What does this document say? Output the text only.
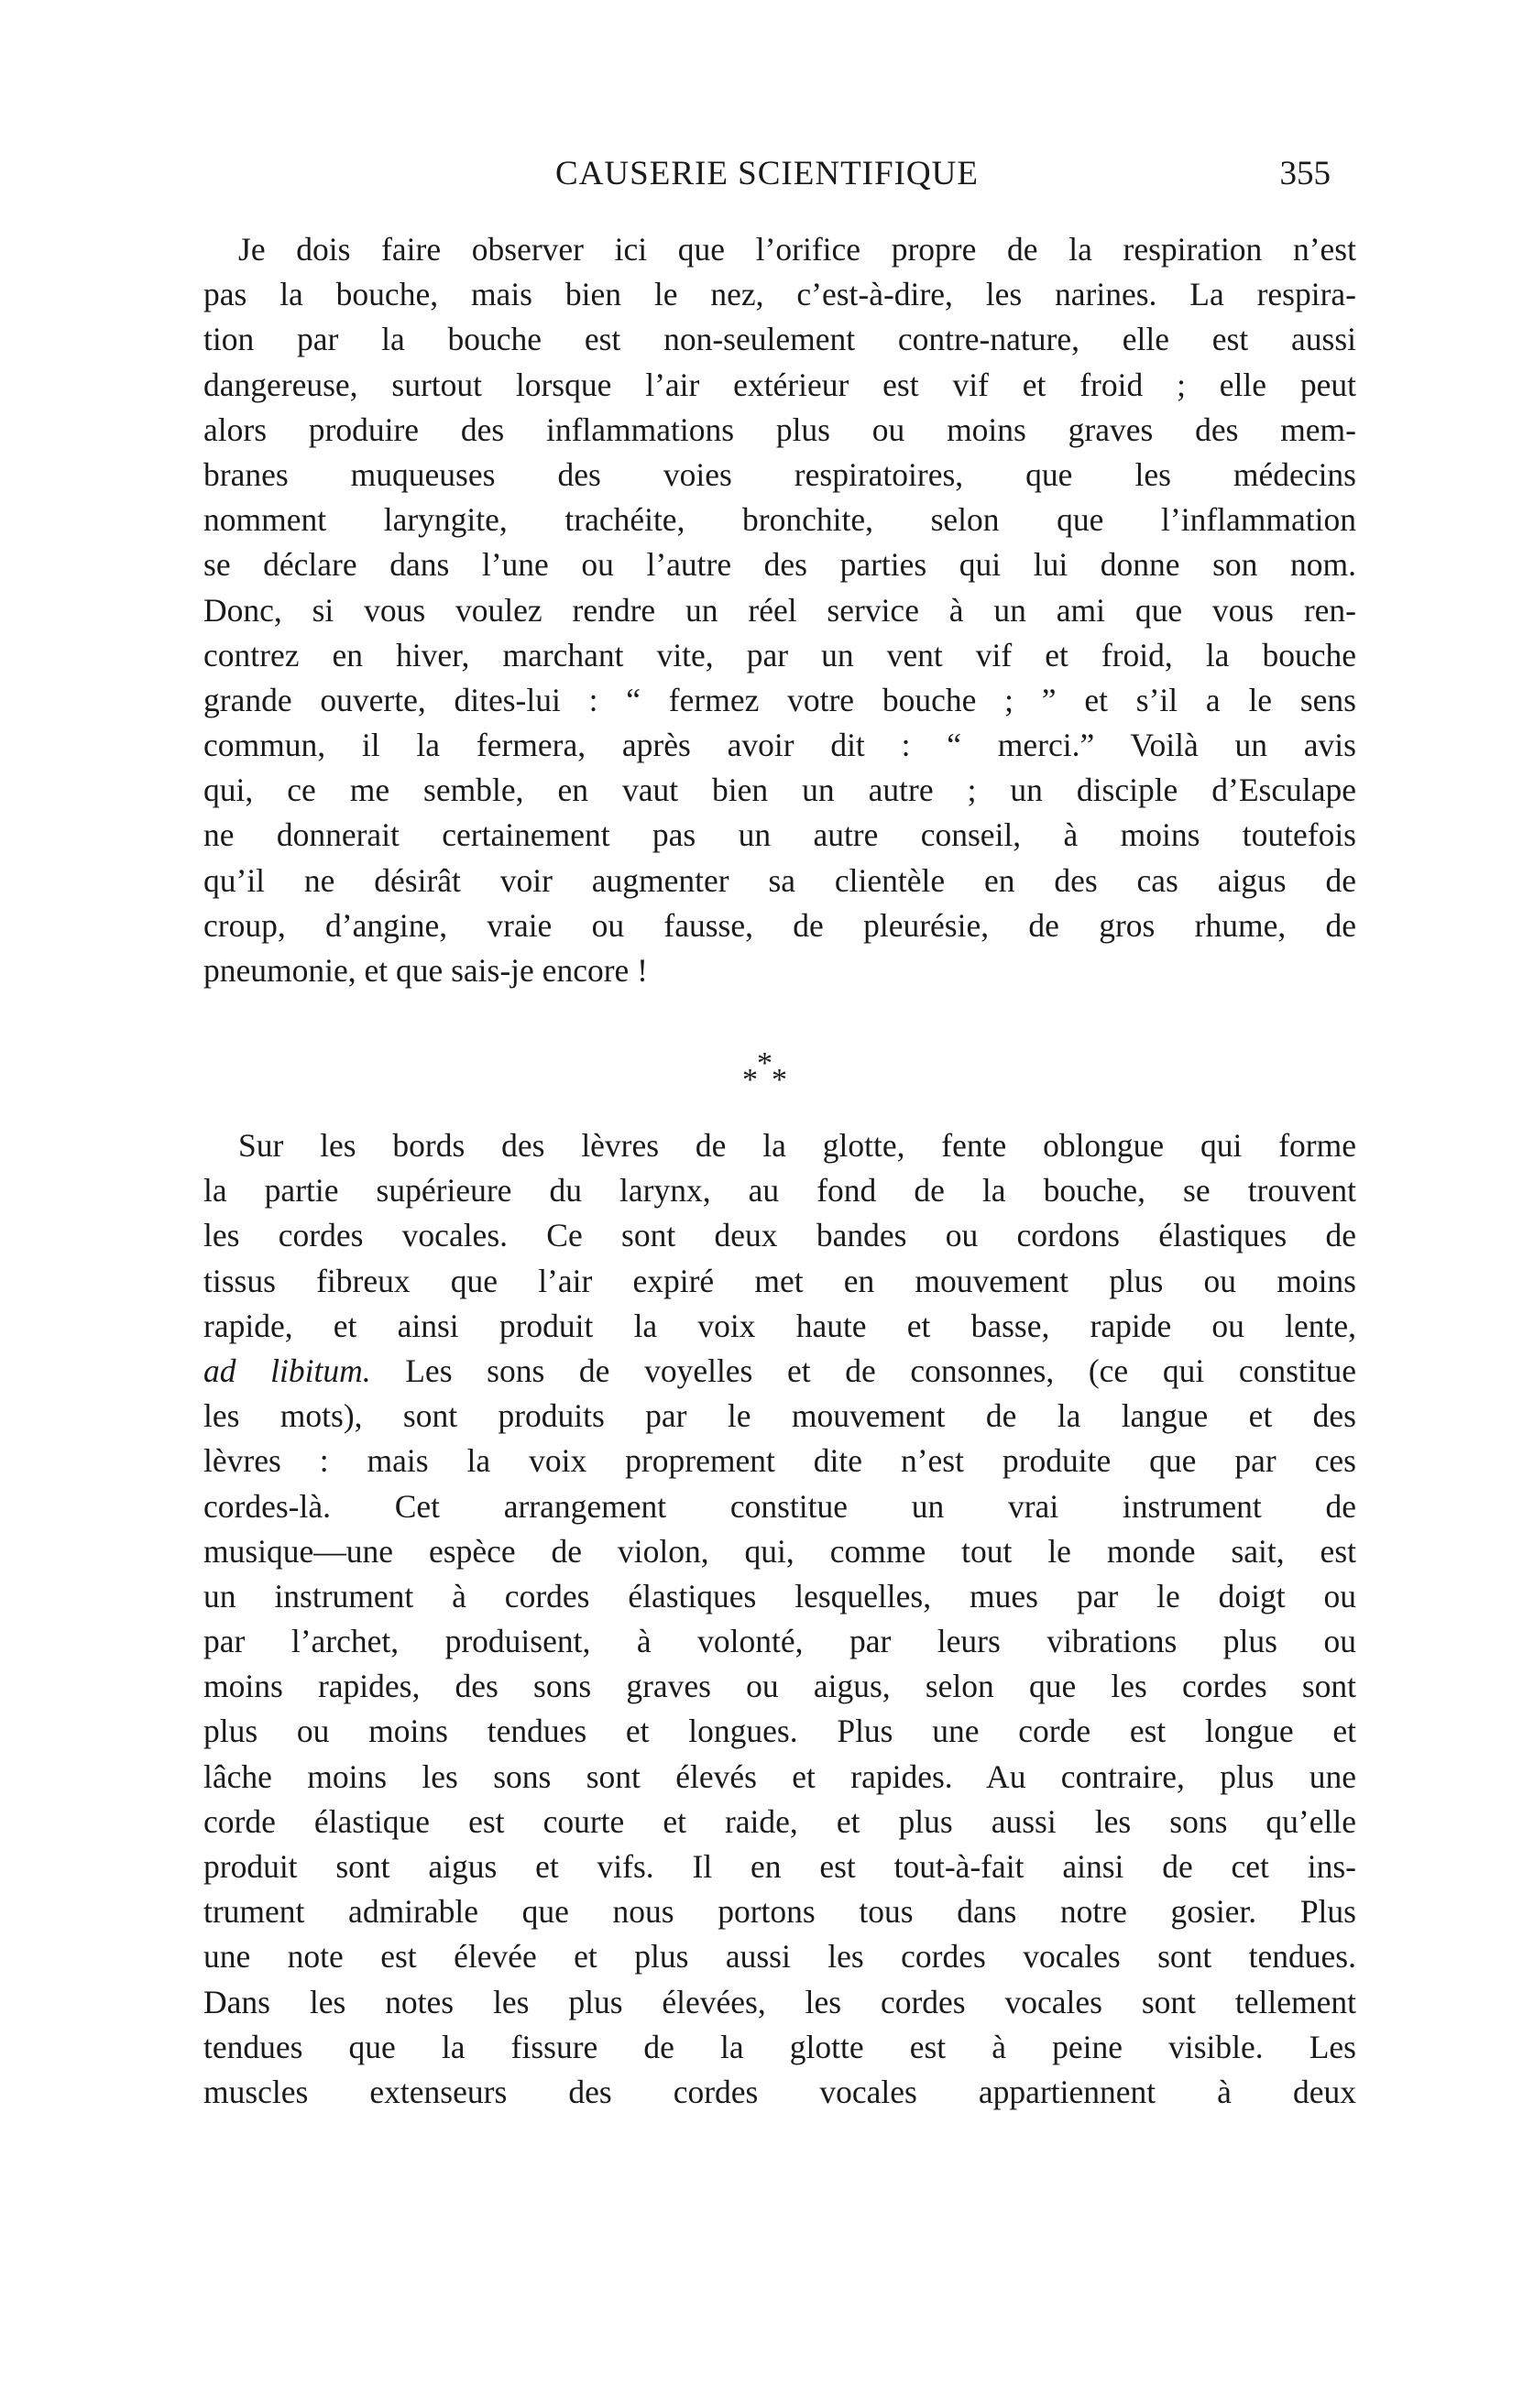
CAUSERIE SCIENTIFIQUE	355
Je dois faire observer ici que l’orifice propre de la respiration n’est
pas la bouche, mais bien le nez, c’est-à-dire, les narines. La respira-
tion par la bouche est non-seulement contre-nature, elle est aussi
dangereuse, surtout lorsque l’air extérieur est vif et froid ; elle peut
alors produire des inflammations plus ou moins graves des mem-
branes muqueuses des voies respiratoires, que les médecins
nomment laryngite, trachéite, bronchite, selon que l’inflammation
se déclare dans l’une ou l’autre des parties qui lui donne son nom.
Donc, si vous voulez rendre un réel service à un ami que vous ren-
contrez en hiver, marchant vite, par un vent vif et froid, la bouche
grande ouverte, dites-lui : “ fermez votre bouche ; ” et s’il a le sens
commun, il la fermera, après avoir dit : “ merci.” Voilà un avis
qui, ce me semble, en vaut bien un autre ; un disciple d’Esculape
ne donnerait certainement pas un autre conseil, à moins toutefois
qu’il ne désirât voir augmenter sa clientèle en des cas aigus de
croup, d’angine, vraie ou fausse, de pleurésie, de gros rhume, de
pneumonie, et que sais-je encore !
*
* *
Sur les bords des lèvres de la glotte, fente oblongue qui forme
la partie supérieure du larynx, au fond de la bouche, se trouvent
les cordes vocales. Ce sont deux bandes ou cordons élastiques de
tissus fibreux que l’air expiré met en mouvement plus ou moins
rapide, et ainsi produit la voix haute et basse, rapide ou lente,
ad libitum. Les sons de voyelles et de consonnes, (ce qui constitue
les mots), sont produits par le mouvement de la langue et des
lèvres : mais la voix proprement dite n’est produite que par ces
cordes-là. Cet arrangement constitue un vrai instrument de
musique—une espèce de violon, qui, comme tout le monde sait, est
un instrument à cordes élastiques lesquelles, mues par le doigt ou
par l’archet, produisent, à volonté, par leurs vibrations plus ou
moins rapides, des sons graves ou aigus, selon que les cordes sont
plus ou moins tendues et longues. Plus une corde est longue et
lâche moins les sons sont élevés et rapides. Au contraire, plus une
corde élastique est courte et raide, et plus aussi les sons qu’elle
produit sont aigus et vifs. Il en est tout-à-fait ainsi de cet ins-
trument admirable que nous portons tous dans notre gosier. Plus
une note est élevée et plus aussi les cordes vocales sont tendues.
Dans les notes les plus élevées, les cordes vocales sont tellement
tendues que la fissure de la glotte est à peine visible. Les
muscles extenseurs des cordes vocales appartiennent à deux
